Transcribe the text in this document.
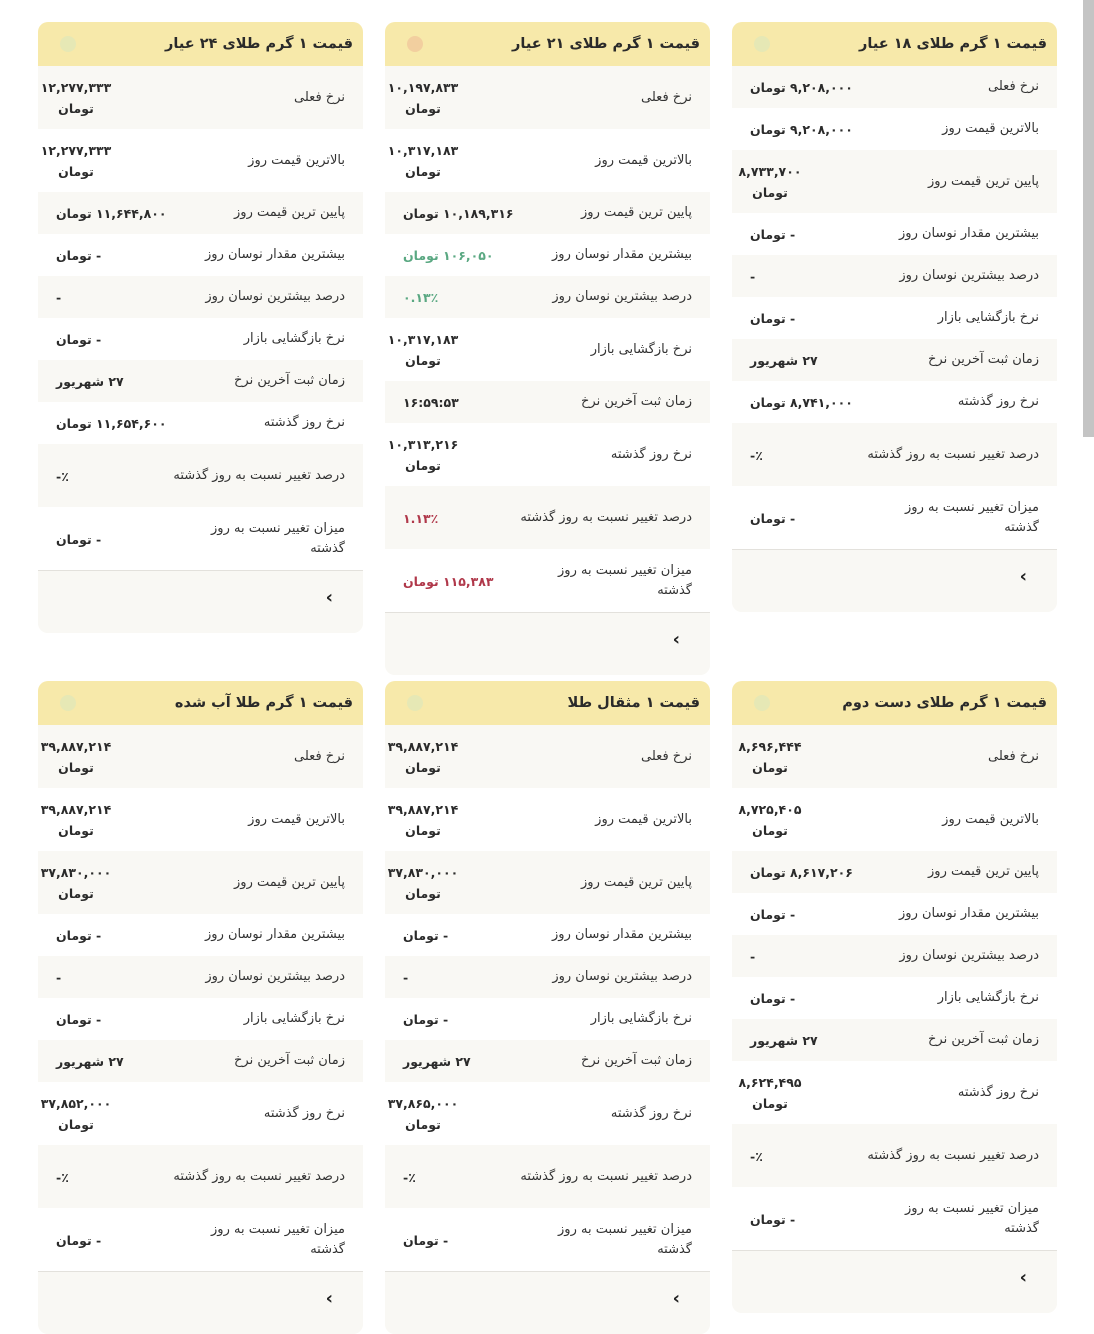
قیمت ۱ گرم طلای ۱۸ عیار
نرخ فعلی
۹,۲۰۸,۰۰۰ تومان
بالاترین قیمت روز
۹,۲۰۸,۰۰۰ تومان
پایین ترین قیمت روز
۸,۷۳۳,۷۰۰
تومان
بیشترین مقدار نوسان روز
- تومان
درصد بیشترین نوسان روز
-
نرخ بازگشایی بازار
- تومان
زمان ثبت آخرین نرخ
۲۷ شهریور
نرخ روز گذشته
۸,۷۴۱,۰۰۰ تومان
درصد تغییر نسبت به روز گذشته
٪-
میزان تغییر نسبت به روز گذشته
- تومان
‹
قیمت ۱ گرم طلای ۲۱ عیار
نرخ فعلی
۱۰,۱۹۷,۸۳۳
تومان
بالاترین قیمت روز
۱۰,۳۱۷,۱۸۳
تومان
پایین ترین قیمت روز
۱۰,۱۸۹,۳۱۶ تومان
بیشترین مقدار نوسان روز
۱۰۶,۰۵۰ تومان
درصد بیشترین نوسان روز
۰.۱۳٪
نرخ بازگشایی بازار
۱۰,۳۱۷,۱۸۳
تومان
زمان ثبت آخرین نرخ
۱۶:۵۹:۵۳
نرخ روز گذشته
۱۰,۳۱۳,۲۱۶
تومان
درصد تغییر نسبت به روز گذشته
۱.۱۳٪
میزان تغییر نسبت به روز گذشته
۱۱۵,۳۸۳ تومان
‹
قیمت ۱ گرم طلای ۲۴ عیار
نرخ فعلی
۱۲,۲۷۷,۳۳۳
تومان
بالاترین قیمت روز
۱۲,۲۷۷,۳۳۳
تومان
پایین ترین قیمت روز
۱۱,۶۴۴,۸۰۰ تومان
بیشترین مقدار نوسان روز
- تومان
درصد بیشترین نوسان روز
-
نرخ بازگشایی بازار
- تومان
زمان ثبت آخرین نرخ
۲۷ شهریور
نرخ روز گذشته
۱۱,۶۵۴,۶۰۰ تومان
درصد تغییر نسبت به روز گذشته
٪-
میزان تغییر نسبت به روز گذشته
- تومان
‹
قیمت ۱ گرم طلای دست دوم
نرخ فعلی
۸,۶۹۶,۴۴۴
تومان
بالاترین قیمت روز
۸,۷۲۵,۴۰۵
تومان
پایین ترین قیمت روز
۸,۶۱۷,۲۰۶ تومان
بیشترین مقدار نوسان روز
- تومان
درصد بیشترین نوسان روز
-
نرخ بازگشایی بازار
- تومان
زمان ثبت آخرین نرخ
۲۷ شهریور
نرخ روز گذشته
۸,۶۲۴,۴۹۵
تومان
درصد تغییر نسبت به روز گذشته
٪-
میزان تغییر نسبت به روز گذشته
- تومان
‹
قیمت ۱ مثقال طلا
نرخ فعلی
۳۹,۸۸۷,۲۱۴
تومان
بالاترین قیمت روز
۳۹,۸۸۷,۲۱۴
تومان
پایین ترین قیمت روز
۳۷,۸۳۰,۰۰۰
تومان
بیشترین مقدار نوسان روز
- تومان
درصد بیشترین نوسان روز
-
نرخ بازگشایی بازار
- تومان
زمان ثبت آخرین نرخ
۲۷ شهریور
نرخ روز گذشته
۳۷,۸۶۵,۰۰۰
تومان
درصد تغییر نسبت به روز گذشته
٪-
میزان تغییر نسبت به روز گذشته
- تومان
‹
قیمت ۱ گرم طلا آب شده
نرخ فعلی
۳۹,۸۸۷,۲۱۴
تومان
بالاترین قیمت روز
۳۹,۸۸۷,۲۱۴
تومان
پایین ترین قیمت روز
۳۷,۸۳۰,۰۰۰
تومان
بیشترین مقدار نوسان روز
- تومان
درصد بیشترین نوسان روز
-
نرخ بازگشایی بازار
- تومان
زمان ثبت آخرین نرخ
۲۷ شهریور
نرخ روز گذشته
۳۷,۸۵۲,۰۰۰
تومان
درصد تغییر نسبت به روز گذشته
٪-
میزان تغییر نسبت به روز گذشته
- تومان
‹
